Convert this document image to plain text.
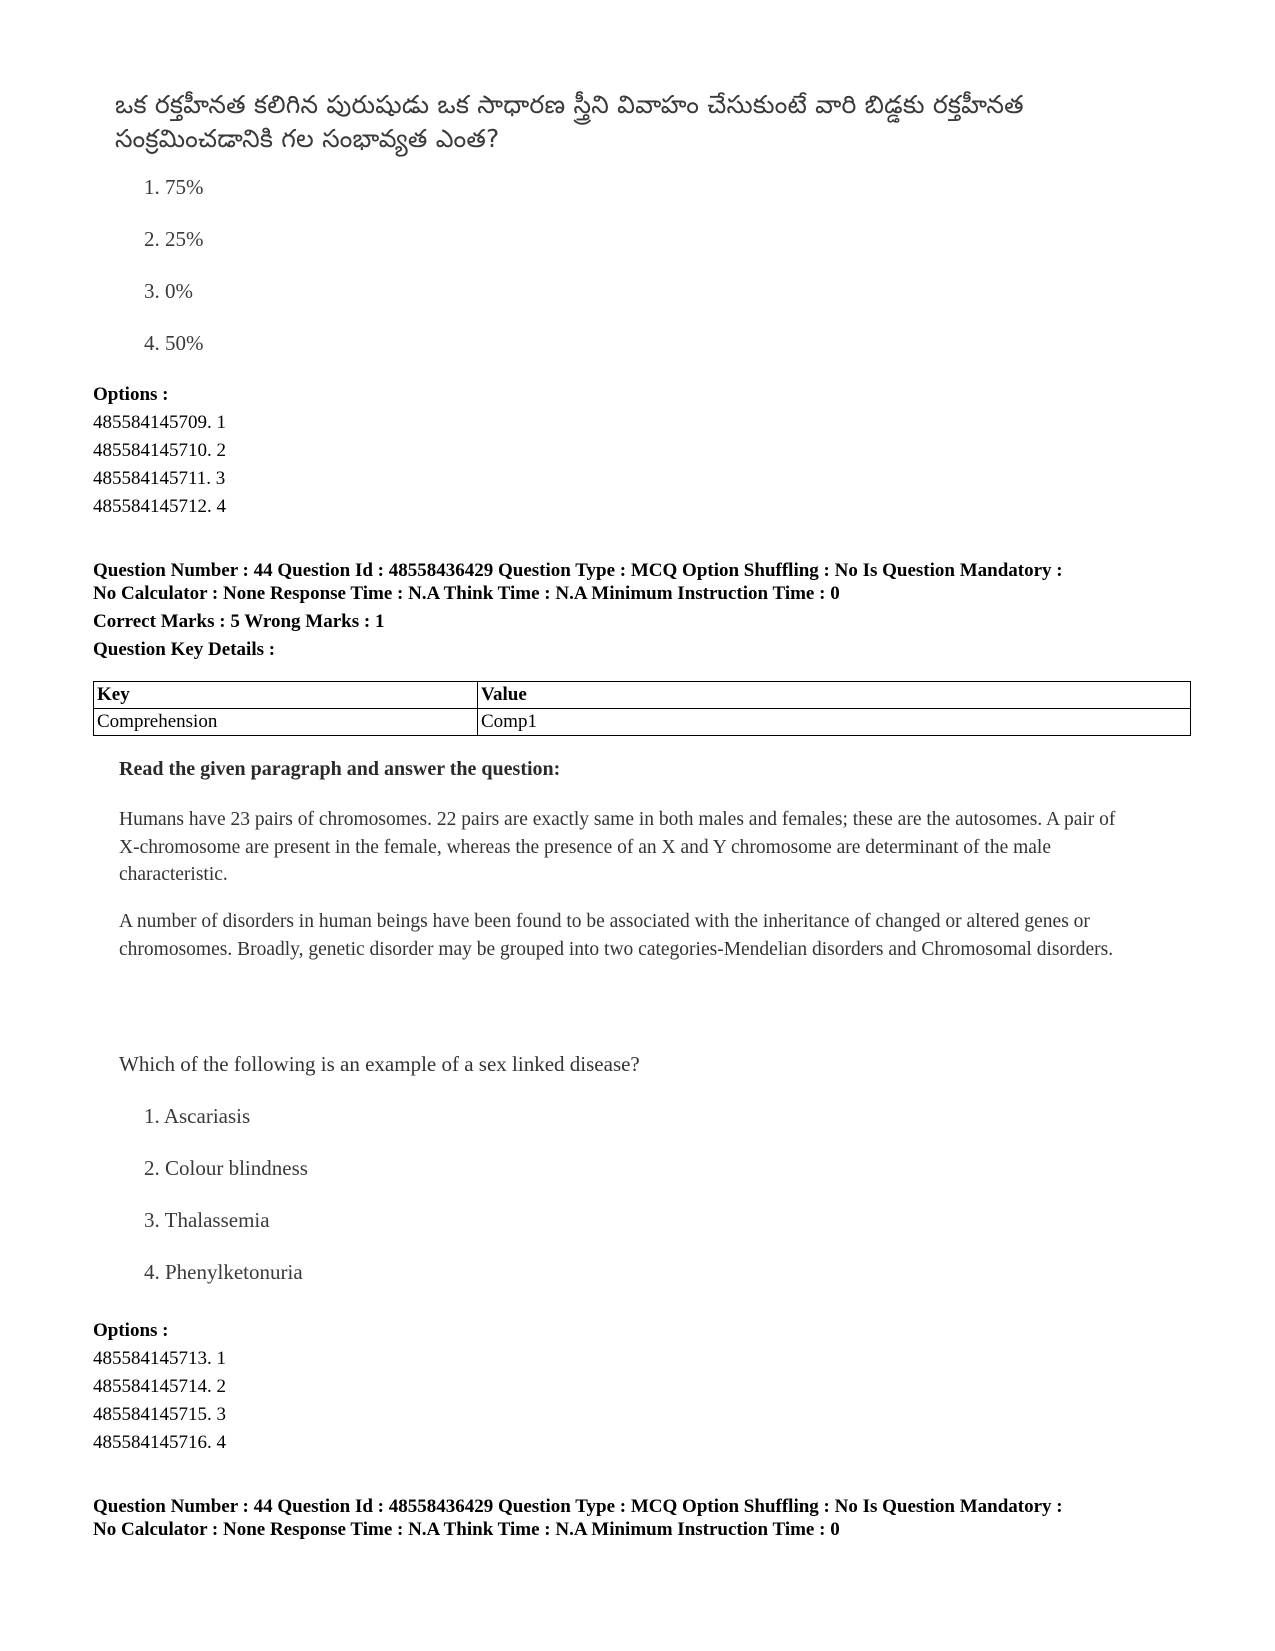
ఒక రక్తహీనత కలిగిన పురుషుడు ఒక సాధారణ స్త్రీని వివాహం చేసుకుంటే వారి బిడ్డకు రక్తహీనత సంక్రమించడానికి గల సంభావ్యత ఎంత?
1. 75%
2. 25%
3. 0%
4. 50%
Options :
485584145709. 1
485584145710. 2
485584145711. 3
485584145712. 4
Question Number : 44 Question Id : 48558436429 Question Type : MCQ Option Shuffling : No Is Question Mandatory :
No Calculator : None Response Time : N.A Think Time : N.A Minimum Instruction Time : 0
Correct Marks : 5 Wrong Marks : 1
Question Key Details :
Key	Value
Comprehension	Comp1
Read the given paragraph and answer the question:
Humans have 23 pairs of chromosomes. 22 pairs are exactly same in both males and females; these are the autosomes. A pair of X-chromosome are present in the female, whereas the presence of an X and Y chromosome are determinant of the male characteristic.
A number of disorders in human beings have been found to be associated with the inheritance of changed or altered genes or chromosomes. Broadly, genetic disorder may be grouped into two categories-Mendelian disorders and Chromosomal disorders.
Which of the following is an example of a sex linked disease?
1. Ascariasis
2. Colour blindness
3. Thalassemia
4. Phenylketonuria
Options :
485584145713. 1
485584145714. 2
485584145715. 3
485584145716. 4
Question Number : 44 Question Id : 48558436429 Question Type : MCQ Option Shuffling : No Is Question Mandatory :
No Calculator : None Response Time : N.A Think Time : N.A Minimum Instruction Time : 0
